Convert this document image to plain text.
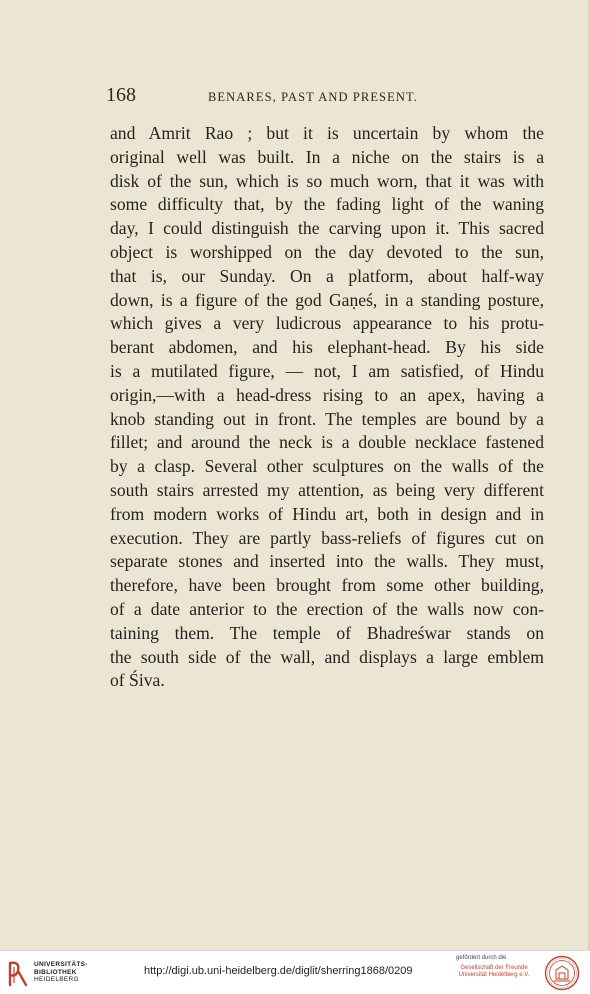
168	BENARES, PAST AND PRESENT.
and Amrit Rao ; but it is uncertain by whom the
original well was built. In a niche on the stairs is a
disk of the sun, which is so much worn, that it was with
some difficulty that, by the fading light of the waning
day, I could distinguish the carving upon it. This sacred
object is worshipped on the day devoted to the sun,
that is, our Sunday. On a platform, about half-way
down, is a figure of the god Gaṇeś, in a standing posture,
which gives a very ludicrous appearance to his protu-
berant abdomen, and his elephant-head. By his side
is a mutilated figure, — not, I am satisfied, of Hindu
origin,—with a head-dress rising to an apex, having a
knob standing out in front. The temples are bound by a
fillet; and around the neck is a double necklace fastened
by a clasp. Several other sculptures on the walls of the
south stairs arrested my attention, as being very different
from modern works of Hindu art, both in design and in
execution. They are partly bass-reliefs of figures cut on
separate stones and inserted into the walls. They must,
therefore, have been brought from some other building,
of a date anterior to the erection of the walls now con-
taining them. The temple of Bhadreśwar stands on
the south side of the wall, and displays a large emblem
of Śiva.
UNIVERSITÄTS-
BIBLIOTHEK
HEIDELBERG
http://digi.ub.uni-heidelberg.de/diglit/sherring1868/0209
gefördert durch die
Gesellschaft der Freunde
Universität Heidelberg e.V.
